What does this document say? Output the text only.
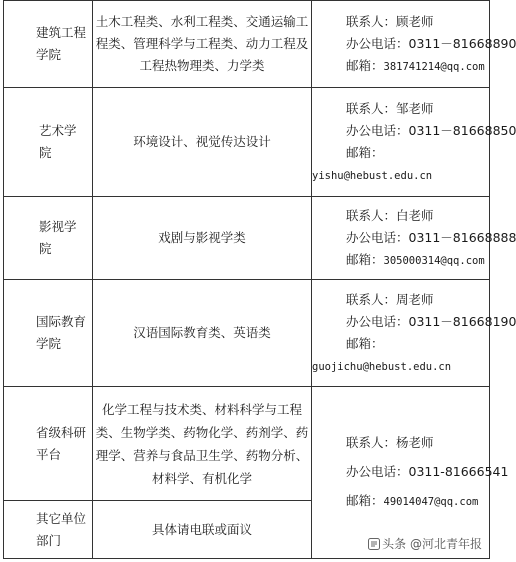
建筑工程学院	土木工程类、水利工程类、交通运输工程类、管理科学与工程类、动力工程及工程热物理类、力学类	联系人：顾老师
办公电话：0311－81668890
邮箱：381741214@qq.com

艺术学院	环境设计、视觉传达设计	联系人：邹老师
办公电话：0311－81668850
邮箱：
yishu@hebust.edu.cn

影视学院	戏剧与影视学类	联系人：白老师
办公电话：0311－81668888
邮箱：305000314@qq.com

国际教育学院	汉语国际教育类、英语类	联系人：周老师
办公电话：0311－81668190
邮箱：
guojichu@hebust.edu.cn

省级科研平台	化学工程与技术类、材料科学与工程类、生物学类、药物化学、药剂学、药理学、营养与食品卫生学、药物分析、材料学、有机化学	联系人：杨老师
办公电话：0311-81666541
邮箱：49014047@qq.com

其它单位部门	具体请电联或面议	
头条 @河北青年报
